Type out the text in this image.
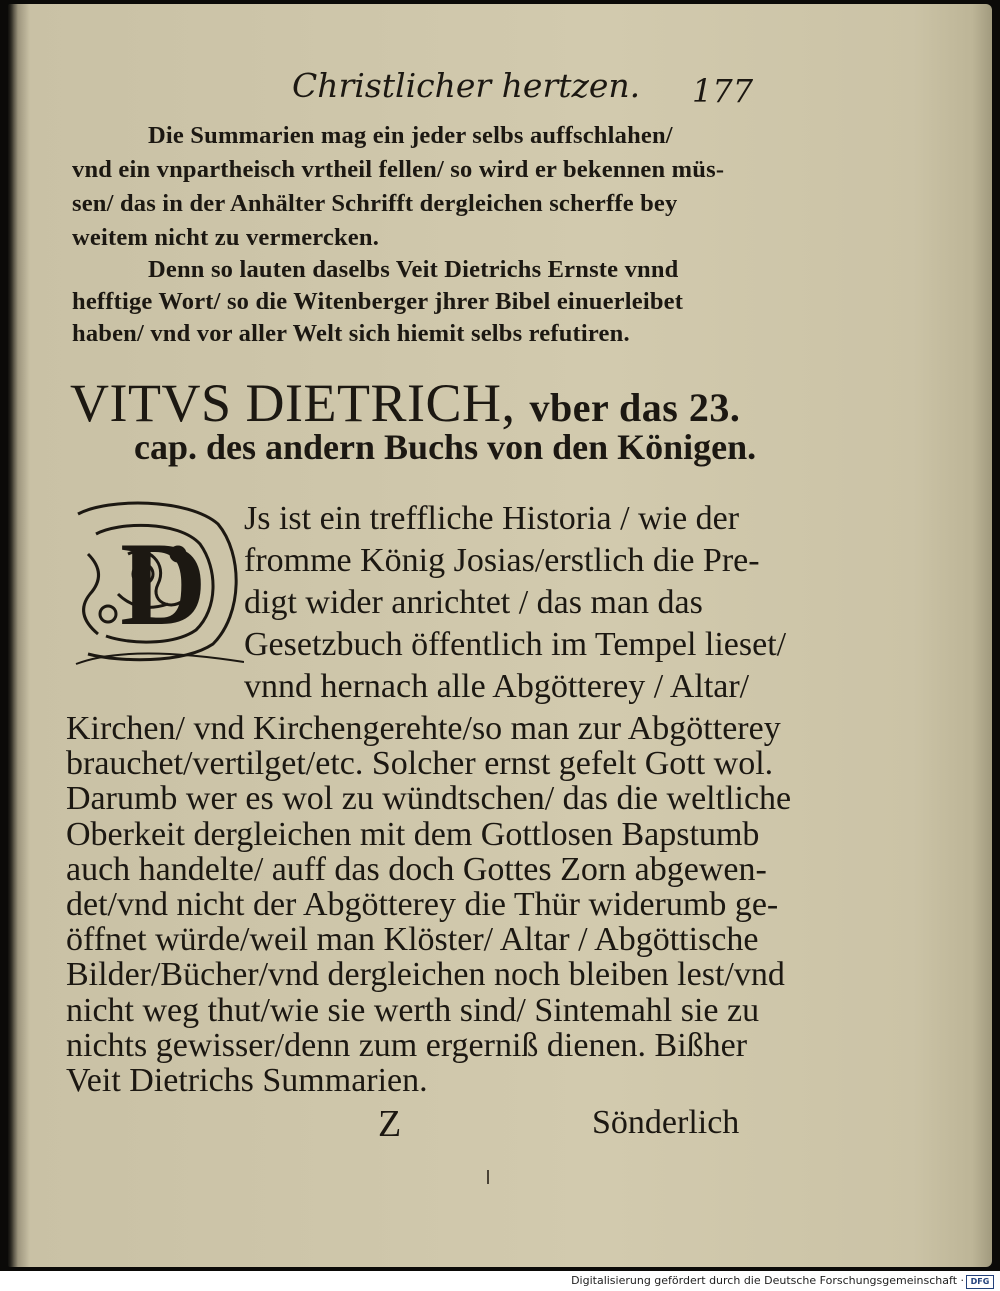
Christlicher hertzen. 177
Die Summarien mag ein jeder selbs auffschlahen/
vnd ein vnpartheisch vrtheil fellen/ so wird er bekennen müs-
sen/ das in der Anhälter Schrifft dergleichen scherffe bey
weitem nicht zu vermercken.
Denn so lauten daselbs Veit Dietrichs Ernste vnnd
hefftige Wort/ so die Witenberger jhrer Bibel einuerleibet
haben/ vnd vor aller Welt sich hiemit selbs refutiren.
VITVS DIETRICH, vber das 23.
cap. des andern Buchs von den Königen.
D Js ist ein treffliche Historia / wie der
fromme König Josias/erstlich die Pre-
digt wider anrichtet / das man das
Gesetzbuch öffentlich im Tempel lieset/
vnnd hernach alle Abgötterey / Altar/
Kirchen/ vnd Kirchengerehte/so man zur Abgötterey
brauchet/vertilget/etc. Solcher ernst gefelt Gott wol.
Darumb wer es wol zu wündtschen/ das die weltliche
Oberkeit dergleichen mit dem Gottlosen Bapstumb
auch handelte/ auff das doch Gottes Zorn abgewen-
det/vnd nicht der Abgötterey die Thür widerumb ge-
öffnet würde/weil man Klöster/ Altar / Abgöttische
Bilder/Bücher/vnd dergleichen noch bleiben lest/vnd
nicht weg thut/wie sie werth sind/ Sintemahl sie zu
nichts gewisser/denn zum ergerniß dienen. Bißher
Veit Dietrichs Summarien.
Z	Sönderlich
Digitalisierung gefördert durch die Deutsche Forschungsgemeinschaft · DFG
